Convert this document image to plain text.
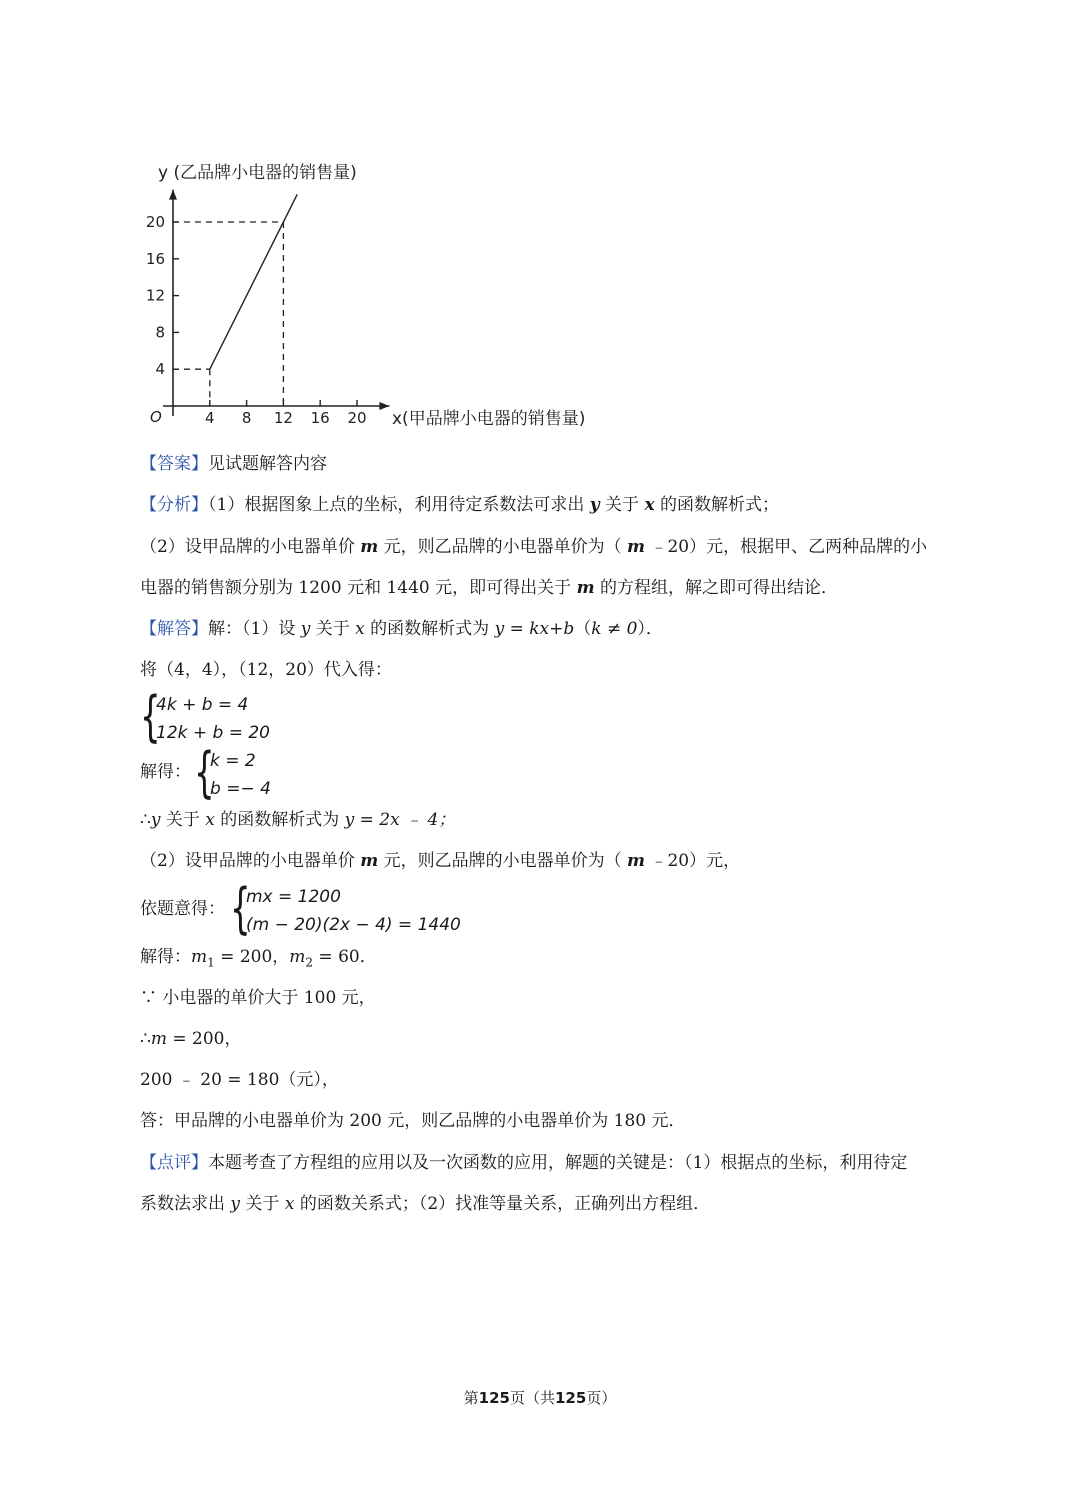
4 8 12 16 20
4
8
12
16
20
y (乙品牌小电器的销售量)
x(甲品牌小电器的销售量)
O
【答案】见试题解答内容
【分析】（1）根据图象上点的坐标，利用待定系数法可求出 y 关于 x 的函数解析式；
（2）设甲品牌的小电器单价 m 元，则乙品牌的小电器单价为（ m ﹣20）元，根据甲、乙两种品牌的小
电器的销售额分别为 1200 元和 1440 元，即可得出关于 m 的方程组，解之即可得出结论．
【解答】解：（1）设 y 关于 x 的函数解析式为 y = kx+b（k ≠ 0）．
将（4，4），（12，20）代入得：
{
4k + b = 4
12k + b = 20
解得： {
k = 2
b =− 4
∴y 关于 x 的函数解析式为 y = 2x ﹣ 4；
（2）设甲品牌的小电器单价 m 元，则乙品牌的小电器单价为（ m ﹣20）元，
依题意得： {
mx = 1200
(m − 20)(2x − 4) = 1440
解得：$m_1 = 200$，$m_2 = 60$．
∵ 小电器的单价大于 100 元，
∴m = 200，
200 ﹣ 20 = 180（元），
答：甲品牌的小电器单价为 200 元，则乙品牌的小电器单价为 180 元．
【点评】本题考查了方程组的应用以及一次函数的应用，解题的关键是：（1）根据点的坐标，利用待定
系数法求出 y 关于 x 的函数关系式；（2）找准等量关系，正确列出方程组．
第125页（共125页）
